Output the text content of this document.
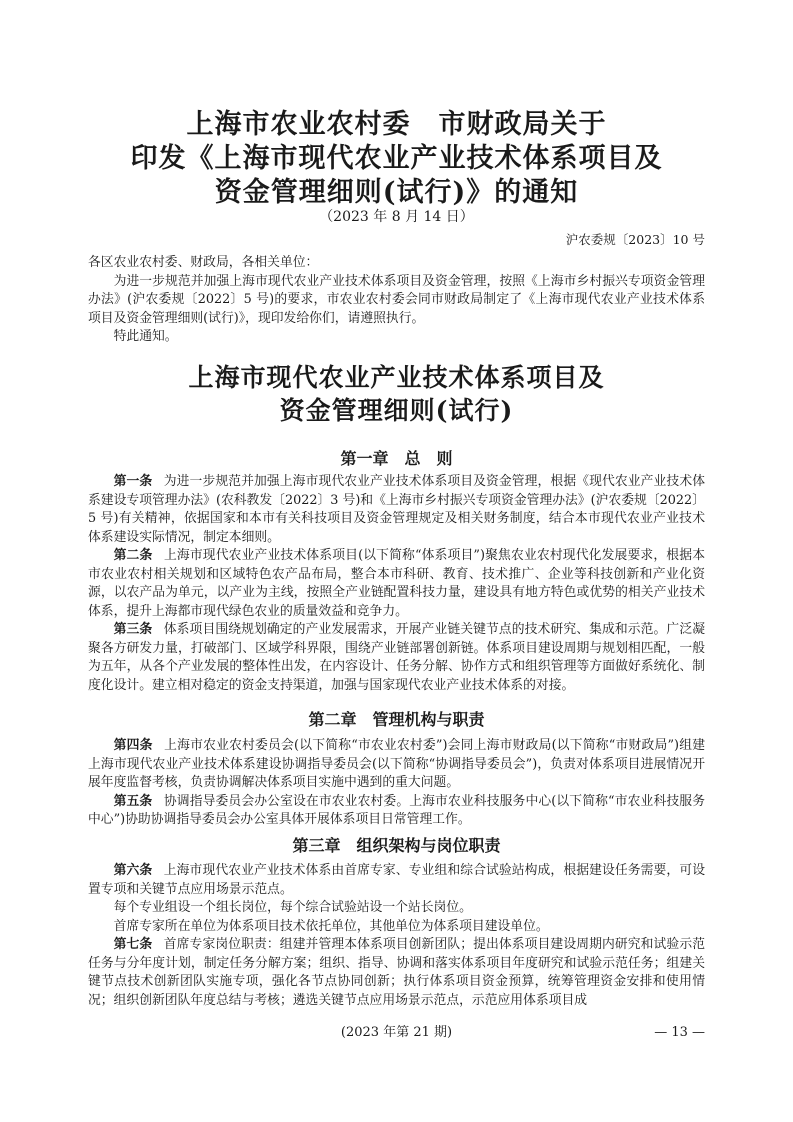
上海市农业农村委　市财政局关于
印发《上海市现代农业产业技术体系项目及
资金管理细则(试行)》的通知
（2023 年 8 月 14 日）
沪农委规〔2023〕10 号

各区农业农村委、财政局，各相关单位：

为进一步规范并加强上海市现代农业产业技术体系项目及资金管理，按照《上海市乡村振兴专项资金管理办法》(沪农委规〔2022〕5 号)的要求，市农业农村委会同市财政局制定了《上海市现代农业产业技术体系项目及资金管理细则(试行)》，现印发给你们，请遵照执行。

特此通知。

上海市现代农业产业技术体系项目及
资金管理细则(试行)
第一章　总　则

第一条 为进一步规范并加强上海市现代农业产业技术体系项目及资金管理，根据《现代农业产业技术体系建设专项管理办法》(农科教发〔2022〕3 号)和《上海市乡村振兴专项资金管理办法》(沪农委规〔2022〕5 号)有关精神，依据国家和本市有关科技项目及资金管理规定及相关财务制度，结合本市现代农业产业技术体系建设实际情况，制定本细则。

第二条 上海市现代农业产业技术体系项目(以下简称“体系项目”)聚焦农业农村现代化发展要求，根据本市农业农村相关规划和区域特色农产品布局，整合本市科研、教育、技术推广、企业等科技创新和产业化资源，以农产品为单元，以产业为主线，按照全产业链配置科技力量，建设具有地方特色或优势的相关产业技术体系，提升上海都市现代绿色农业的质量效益和竞争力。

第三条 体系项目围绕规划确定的产业发展需求，开展产业链关键节点的技术研究、集成和示范。广泛凝聚各方研发力量，打破部门、区域学科界限，围绕产业链部署创新链。体系项目建设周期与规划相匹配，一般为五年，从各个产业发展的整体性出发，在内容设计、任务分解、协作方式和组织管理等方面做好系统化、制度化设计。建立相对稳定的资金支持渠道，加强与国家现代农业产业技术体系的对接。

第二章　管理机构与职责

第四条 上海市农业农村委员会(以下简称“市农业农村委”)会同上海市财政局(以下简称“市财政局”)组建上海市现代农业产业技术体系建设协调指导委员会(以下简称“协调指导委员会”)，负责对体系项目进展情况开展年度监督考核，负责协调解决体系项目实施中遇到的重大问题。

第五条 协调指导委员会办公室设在市农业农村委。上海市农业科技服务中心(以下简称“市农业科技服务中心”)协助协调指导委员会办公室具体开展体系项目日常管理工作。

第三章　组织架构与岗位职责

第六条 上海市现代农业产业技术体系由首席专家、专业组和综合试验站构成，根据建设任务需要，可设置专项和关键节点应用场景示范点。

每个专业组设一个组长岗位，每个综合试验站设一个站长岗位。

首席专家所在单位为体系项目技术依托单位，其他单位为体系项目建设单位。

第七条 首席专家岗位职责：组建并管理本体系项目创新团队；提出体系项目建设周期内研究和试验示范任务与分年度计划，制定任务分解方案；组织、指导、协调和落实体系项目年度研究和试验示范任务；组建关键节点技术创新团队实施专项，强化各节点协同创新；执行体系项目资金预算，统筹管理资金安排和使用情况；组织创新团队年度总结与考核；遴选关键节点应用场景示范点，示范应用体系项目成

(2023 年第 21 期)	— 13 —
